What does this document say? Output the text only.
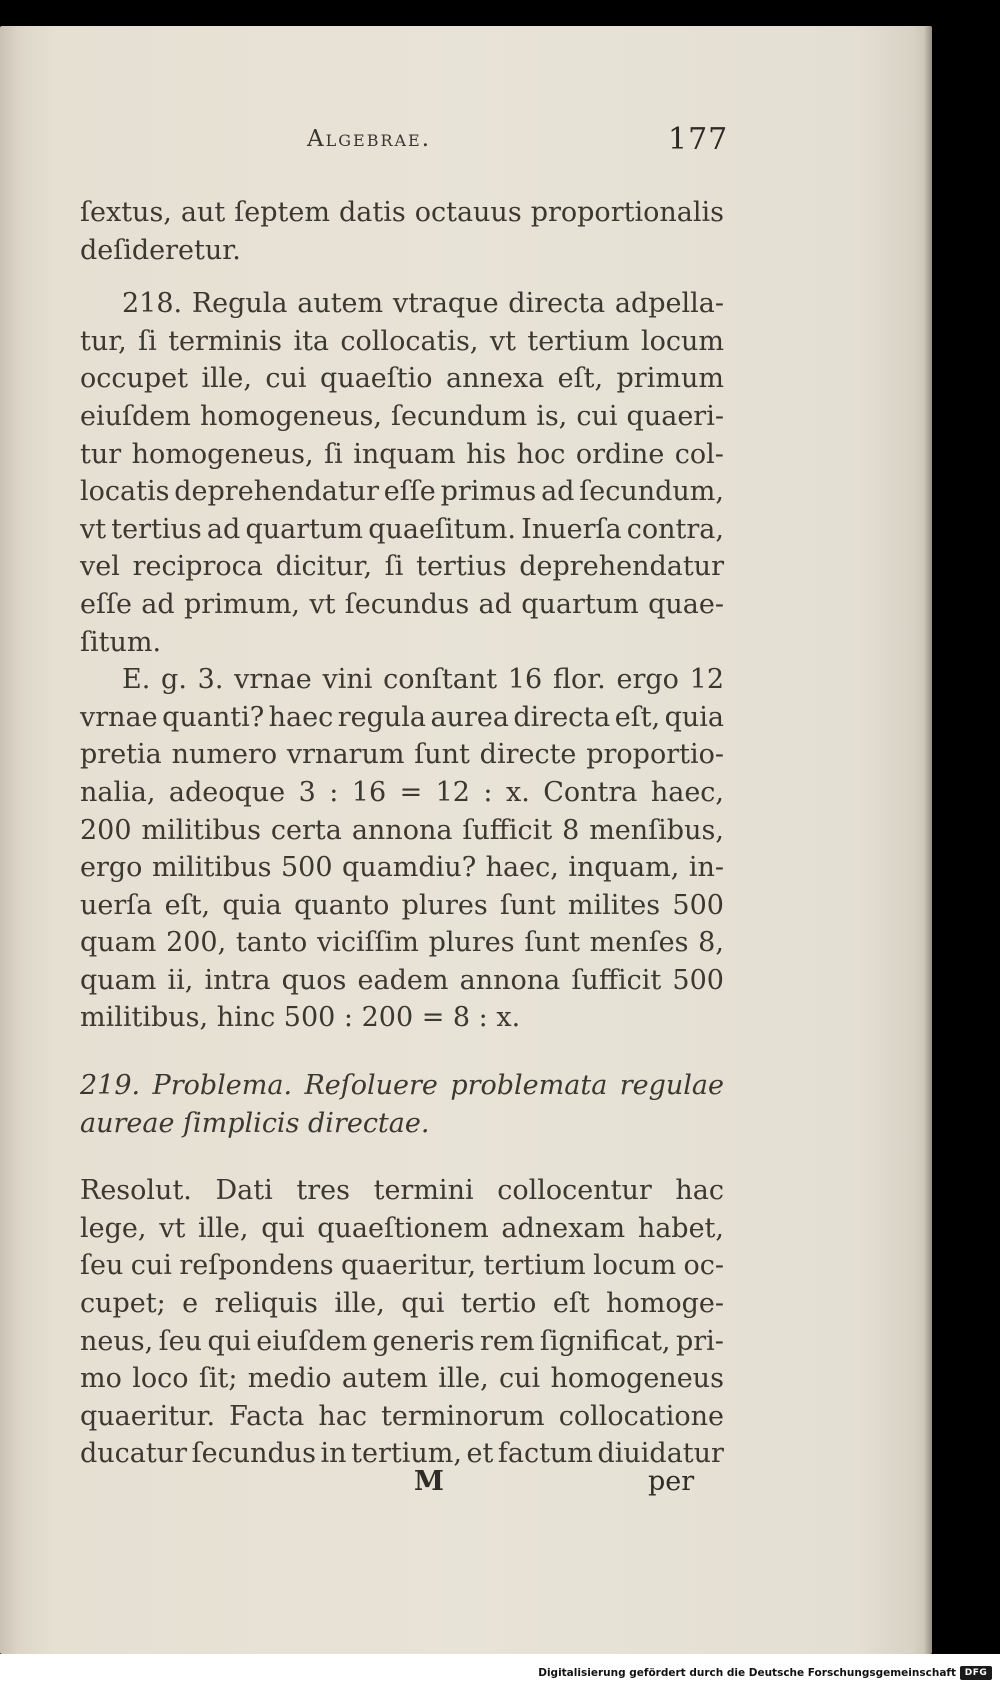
Algebrae.	177
ſextus, aut ſeptem datis octauus proportionalis
deſideretur.
218. Regula autem vtraque directa adpella-
tur, ſi terminis ita collocatis, vt tertium locum
occupet ille, cui quaeſtio annexa eſt, primum
eiuſdem homogeneus, ſecundum is, cui quaeri-
tur homogeneus, ſi inquam his hoc ordine col-
locatis deprehendatur eſſe primus ad ſecundum,
vt tertius ad quartum quaeſitum. Inuerſa contra,
vel reciproca dicitur, ſi tertius deprehendatur
eſſe ad primum, vt ſecundus ad quartum quae-
ſitum.
E. g. 3. vrnae vini conſtant 16 flor. ergo 12
vrnae quanti? haec regula aurea directa eſt, quia
pretia numero vrnarum ſunt directe proportio-
nalia, adeoque 3 : 16 = 12 : x. Contra haec,
200 militibus certa annona ſufficit 8 menſibus,
ergo militibus 500 quamdiu? haec, inquam, in-
uerſa eſt, quia quanto plures ſunt milites 500
quam 200, tanto viciſſim plures ſunt menſes 8,
quam ii, intra quos eadem annona ſufficit 500
militibus, hinc 500 : 200 = 8 : x.
219. Problema. Reſoluere problemata regulae
aureae ſimplicis directae.
Resolut. Dati tres termini collocentur hac
lege, vt ille, qui quaeſtionem adnexam habet,
ſeu cui reſpondens quaeritur, tertium locum oc-
cupet; e reliquis ille, qui tertio eſt homoge-
neus, ſeu qui eiuſdem generis rem ſignificat, pri-
mo loco ſit; medio autem ille, cui homogeneus
quaeritur. Facta hac terminorum collocatione
ducatur ſecundus in tertium, et factum diuidatur
M	per
Digitalisierung gefördert durch die Deutsche Forschungsgemeinschaft DFG
